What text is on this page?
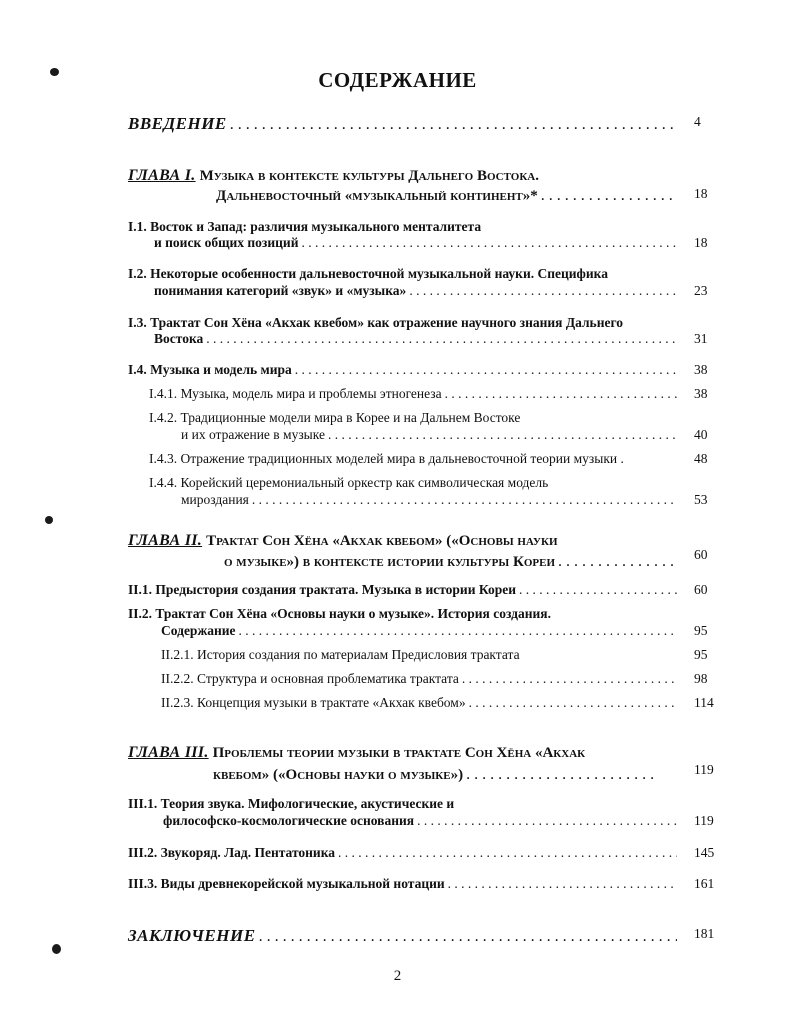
СОДЕРЖАНИЕ
ВВЕДЕНИЕ . . .	4
ГЛАВА I. Музыка в контексте культуры Дальнего Востока.
Дальневосточный «музыкальный континент»* . . .	18
I.1. Восток и Запад: различия музыкального менталитета
и поиск общих позиций . . .	18
I.2. Некоторые особенности дальневосточной музыкальной науки. Специфика
понимания категорий «звук» и «музыка» . . .	23
I.3. Трактат Сон Хёна «Акхак квебом» как отражение научного знания Дальнего
Востока . . .	31
I.4. Музыка и модель мира . . .	38
I.4.1. Музыка, модель мира и проблемы этногенеза . . .	38
I.4.2. Традиционные модели мира в Корее и на Дальнем Востоке
и их отражение в музыке . . .	40
I.4.3. Отражение традиционных моделей мира в дальневосточной теории музыки .	48
I.4.4. Корейский церемониальный оркестр как символическая модель
мироздания . . .	53
ГЛАВА II. Трактат Сон Хёна «Акхак квебом» («Основы науки
о музыке») в контексте истории культуры Кореи . . .	60
II.1. Предыстория создания трактата. Музыка в истории Кореи . . .	60
II.2. Трактат Сон Хёна «Основы науки о музыке». История создания.
Содержание . . .	95
II.2.1. История создания по материалам Предисловия трактата	95
II.2.2. Структура и основная проблематика трактата . . .	98
II.2.3. Концепция музыки в трактате «Акхак квебом» . . .	114
ГЛАВА III. Проблемы теории музыки в трактате Сон Хёна «Акхак
квебом» («Основы науки о музыке») . . .	119
III.1. Теория звука. Мифологические, акустические и
философско-космологические основания . . .	119
III.2. Звукоряд. Лад. Пентатоника . . .	145
III.3. Виды древнекорейской музыкальной нотации . . .	161
ЗАКЛЮЧЕНИЕ . . .	181
2
